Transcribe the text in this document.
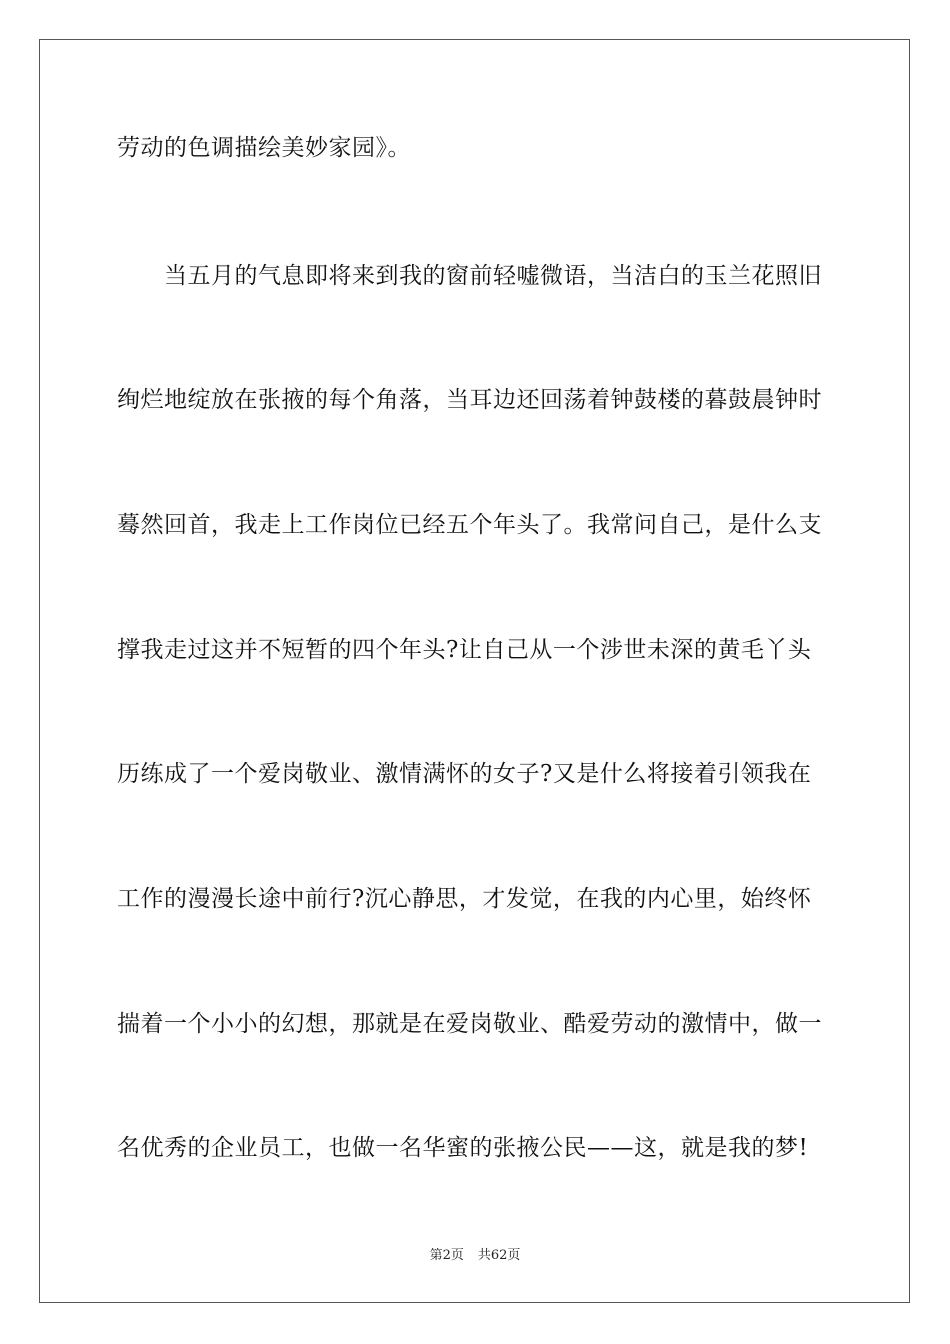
劳动的色调描绘美妙家园》。
　　当五月的气息即将来到我的窗前轻嘘微语，当洁白的玉兰花照旧
绚烂地绽放在张掖的每个角落，当耳边还回荡着钟鼓楼的暮鼓晨钟时
蓦然回首，我走上工作岗位已经五个年头了。我常问自己，是什么支
撑我走过这并不短暂的四个年头?让自己从一个涉世未深的黄毛丫头
历练成了一个爱岗敬业、激情满怀的女子?又是什么将接着引领我在
工作的漫漫长途中前行?沉心静思，才发觉，在我的内心里，始终怀
揣着一个小小的幻想，那就是在爱岗敬业、酷爱劳动的激情中，做一
名优秀的企业员工，也做一名华蜜的张掖公民——这，就是我的梦!
第2页 共62页
